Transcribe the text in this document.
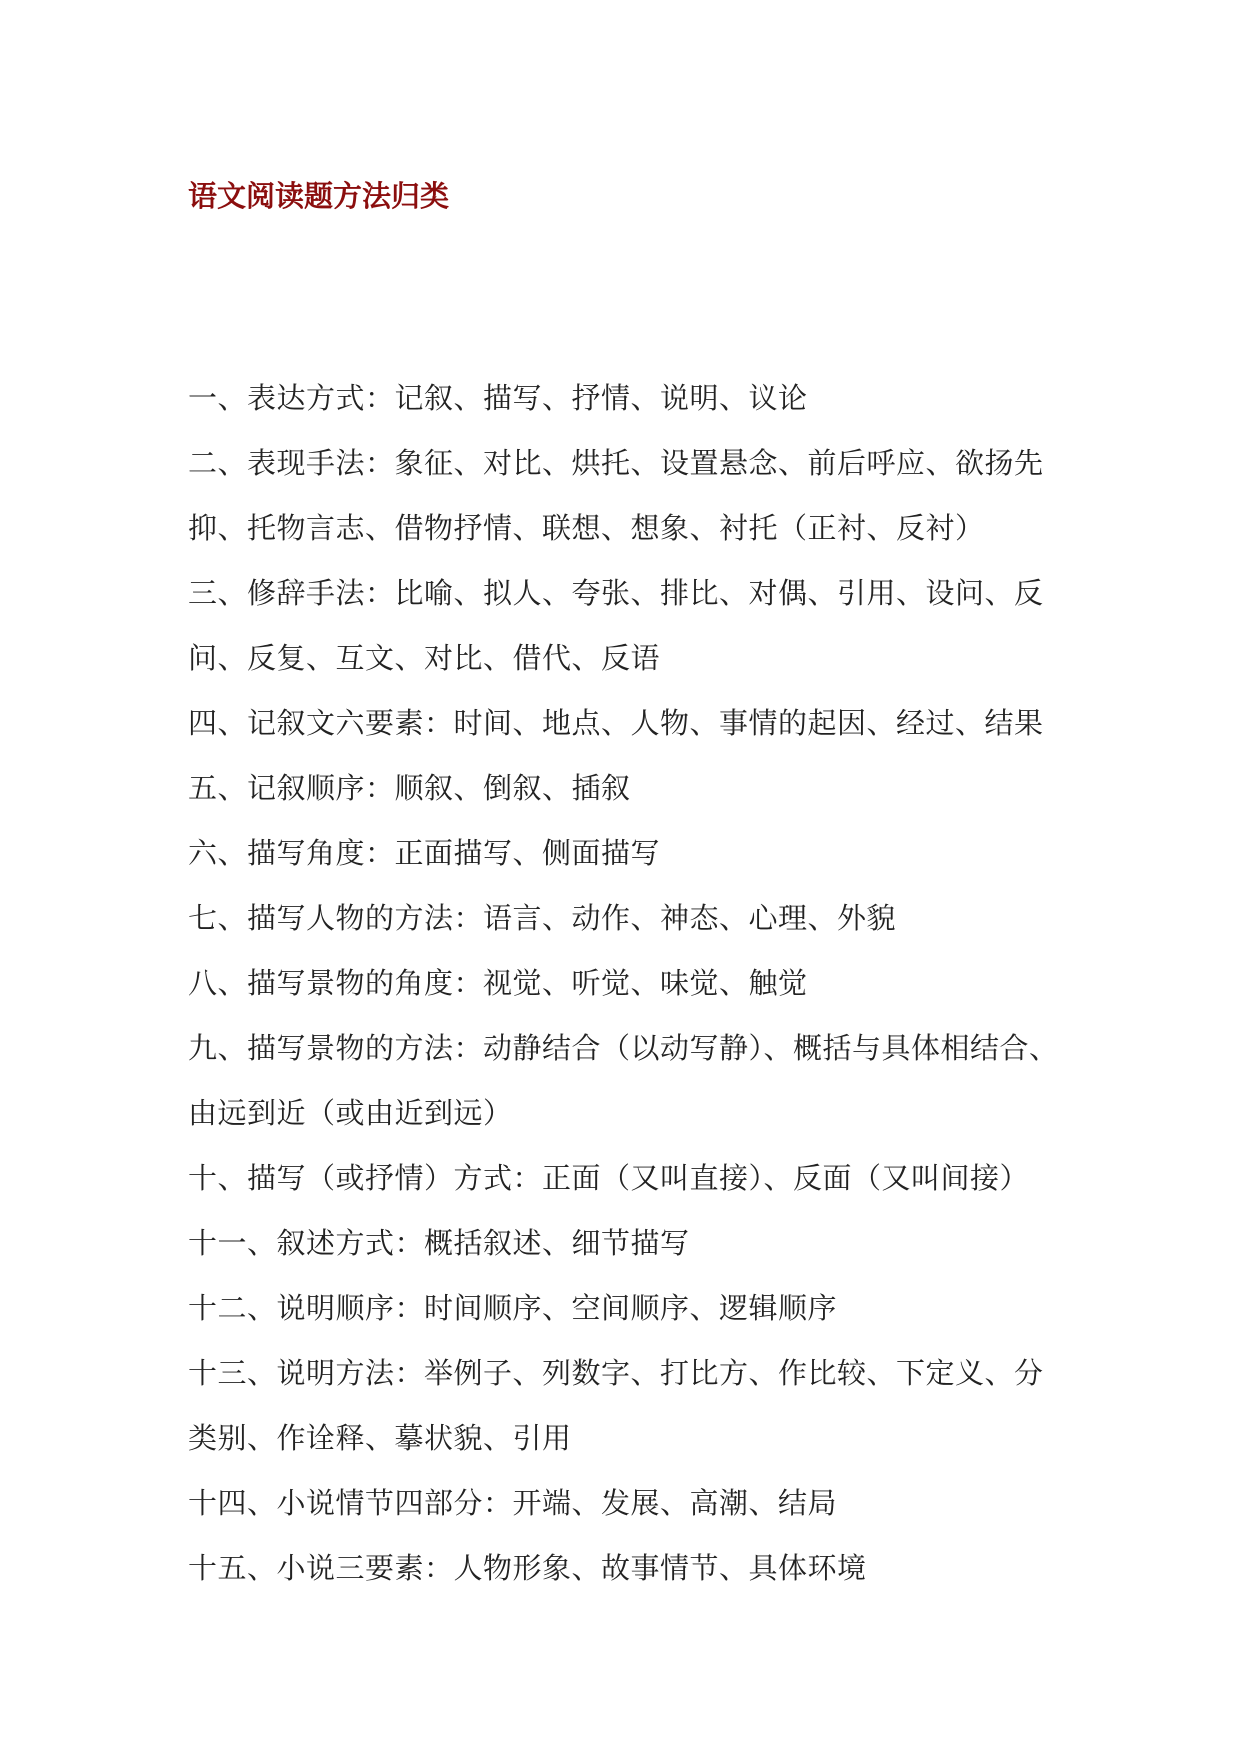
语文阅读题方法归类

一、表达方式：记叙、描写、抒情、说明、议论

二、表现手法：象征、对比、烘托、设置悬念、前后呼应、欲扬先

抑、托物言志、借物抒情、联想、想象、衬托（正衬、反衬）

三、修辞手法：比喻、拟人、夸张、排比、对偶、引用、设问、反

问、反复、互文、对比、借代、反语

四、记叙文六要素：时间、地点、人物、事情的起因、经过、结果

五、记叙顺序：顺叙、倒叙、插叙

六、描写角度：正面描写、侧面描写

七、描写人物的方法：语言、动作、神态、心理、外貌

八、描写景物的角度：视觉、听觉、味觉、触觉

九、描写景物的方法：动静结合（以动写静）、概括与具体相结合、

由远到近（或由近到远）

十、描写（或抒情）方式：正面（又叫直接）、反面（又叫间接）

十一、叙述方式：概括叙述、细节描写

十二、说明顺序：时间顺序、空间顺序、逻辑顺序

十三、说明方法：举例子、列数字、打比方、作比较、下定义、分

类别、作诠释、摹状貌、引用

十四、小说情节四部分：开端、发展、高潮、结局

十五、小说三要素：人物形象、故事情节、具体环境
